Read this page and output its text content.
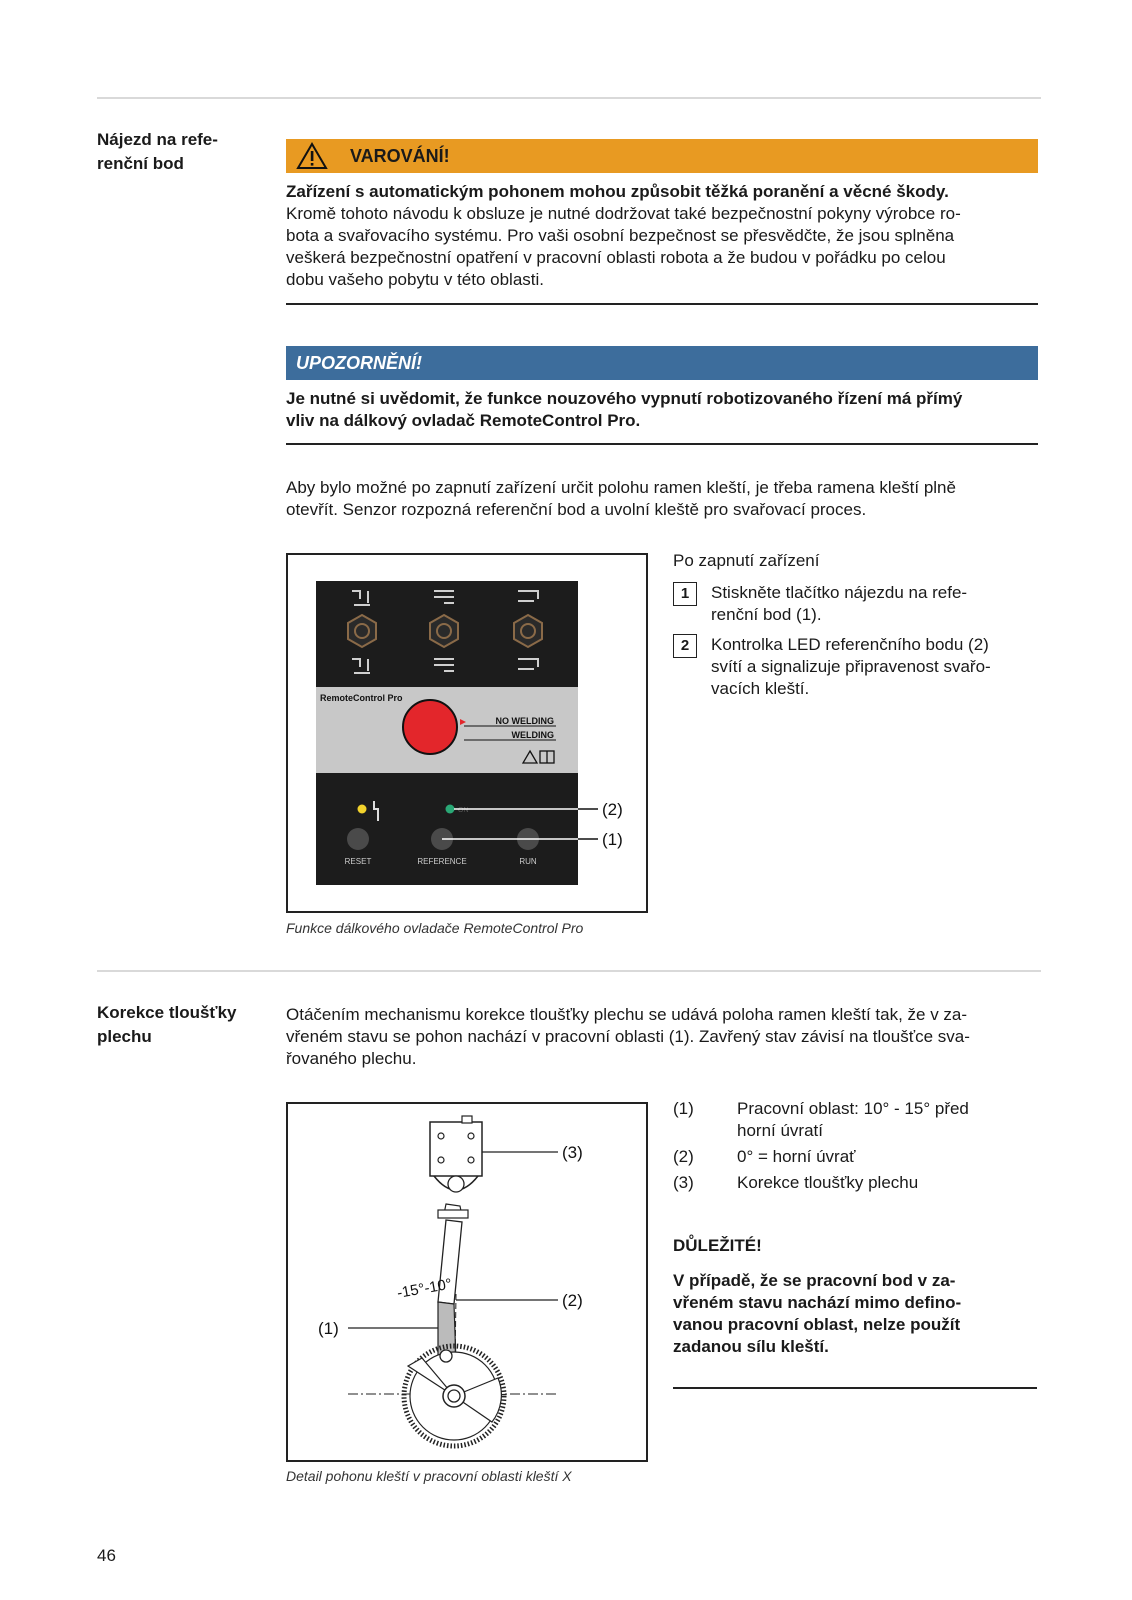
Nájezd na refe-
renční bod	VAROVÁNÍ!
Zařízení s automatickým pohonem mohou způsobit těžká poranění a věcné škody.
Kromě tohoto návodu k obsluze je nutné dodržovat také bezpečnostní pokyny výrobce ro-
bota a svařovacího systému. Pro vaši osobní bezpečnost se přesvědčte, že jsou splněna
veškerá bezpečnostní opatření v pracovní oblasti robota a že budou v pořádku po celou
dobu vašeho pobytu v této oblasti.
UPOZORNĚNÍ!
Je nutné si uvědomit, že funkce nouzového vypnutí robotizovaného řízení má přímý
vliv na dálkový ovladač RemoteControl Pro.
Aby bylo možné po zapnutí zařízení určit polohu ramen kleští, je třeba ramena kleští plně
otevřít. Senzor rozpozná referenční bod a uvolní kleště pro svařovací proces.
RemoteControl Pro
NO WELDING
WELDING
ON
RESET	REFERENCE	RUN
(2)
(1)
Funkce dálkového ovladače RemoteControl Pro
Po zapnutí zařízení
1	Stiskněte tlačítko nájezdu na refe-
renční bod (1).
2	Kontrolka LED referenčního bodu (2)
svítí a signalizuje připravenost svařo-
vacích kleští.
Korekce tloušťky
plechu
Otáčením mechanismu korekce tloušťky plechu se udává poloha ramen kleští tak, že v za-
vřeném stavu se pohon nachází v pracovní oblasti (1). Zavřený stav závisí na tloušťce sva-
řovaného plechu.
(3)
-15°-10°	(2)
(1)
Detail pohonu kleští v pracovní oblasti kleští X
(1)	Pracovní oblast: 10° - 15° před
horní úvratí
(2)	0° = horní úvrať
(3)	Korekce tloušťky plechu
DŮLEŽITÉ!
V případě, že se pracovní bod v za-
vřeném stavu nachází mimo defino-
vanou pracovní oblast, nelze použít
zadanou sílu kleští.
46
